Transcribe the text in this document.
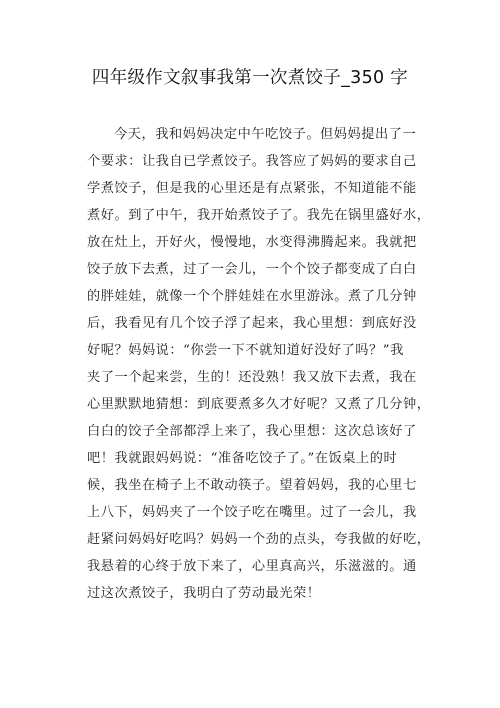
四年级作文叙事我第一次煮饺子_350 字
今天，我和妈妈决定中午吃饺子。但妈妈提出了一
个要求：让我自已学煮饺子。我答应了妈妈的要求自己
学煮饺子，但是我的心里还是有点紧张，不知道能不能
煮好。到了中午，我开始煮饺子了。我先在锅里盛好水，
放在灶上，开好火，慢慢地，水变得沸腾起来。我就把
饺子放下去煮，过了一会儿，一个个饺子都变成了白白
的胖娃娃，就像一个个胖娃娃在水里游泳。煮了几分钟
后，我看见有几个饺子浮了起来，我心里想：到底好没
好呢？妈妈说：“你尝一下不就知道好没好了吗？”我
夹了一个起来尝，生的！还没熟！我又放下去煮，我在
心里默默地猜想：到底要煮多久才好呢？又煮了几分钟，
白白的饺子全部都浮上来了，我心里想：这次总该好了
吧！我就跟妈妈说：“准备吃饺子了。”在饭桌上的时
候，我坐在椅子上不敢动筷子。望着妈妈，我的心里七
上八下，妈妈夹了一个饺子吃在嘴里。过了一会儿，我
赶紧问妈妈好吃吗？妈妈一个劲的点头，夸我做的好吃，
我悬着的心终于放下来了，心里真高兴，乐滋滋的。通
过这次煮饺子，我明白了劳动最光荣！
